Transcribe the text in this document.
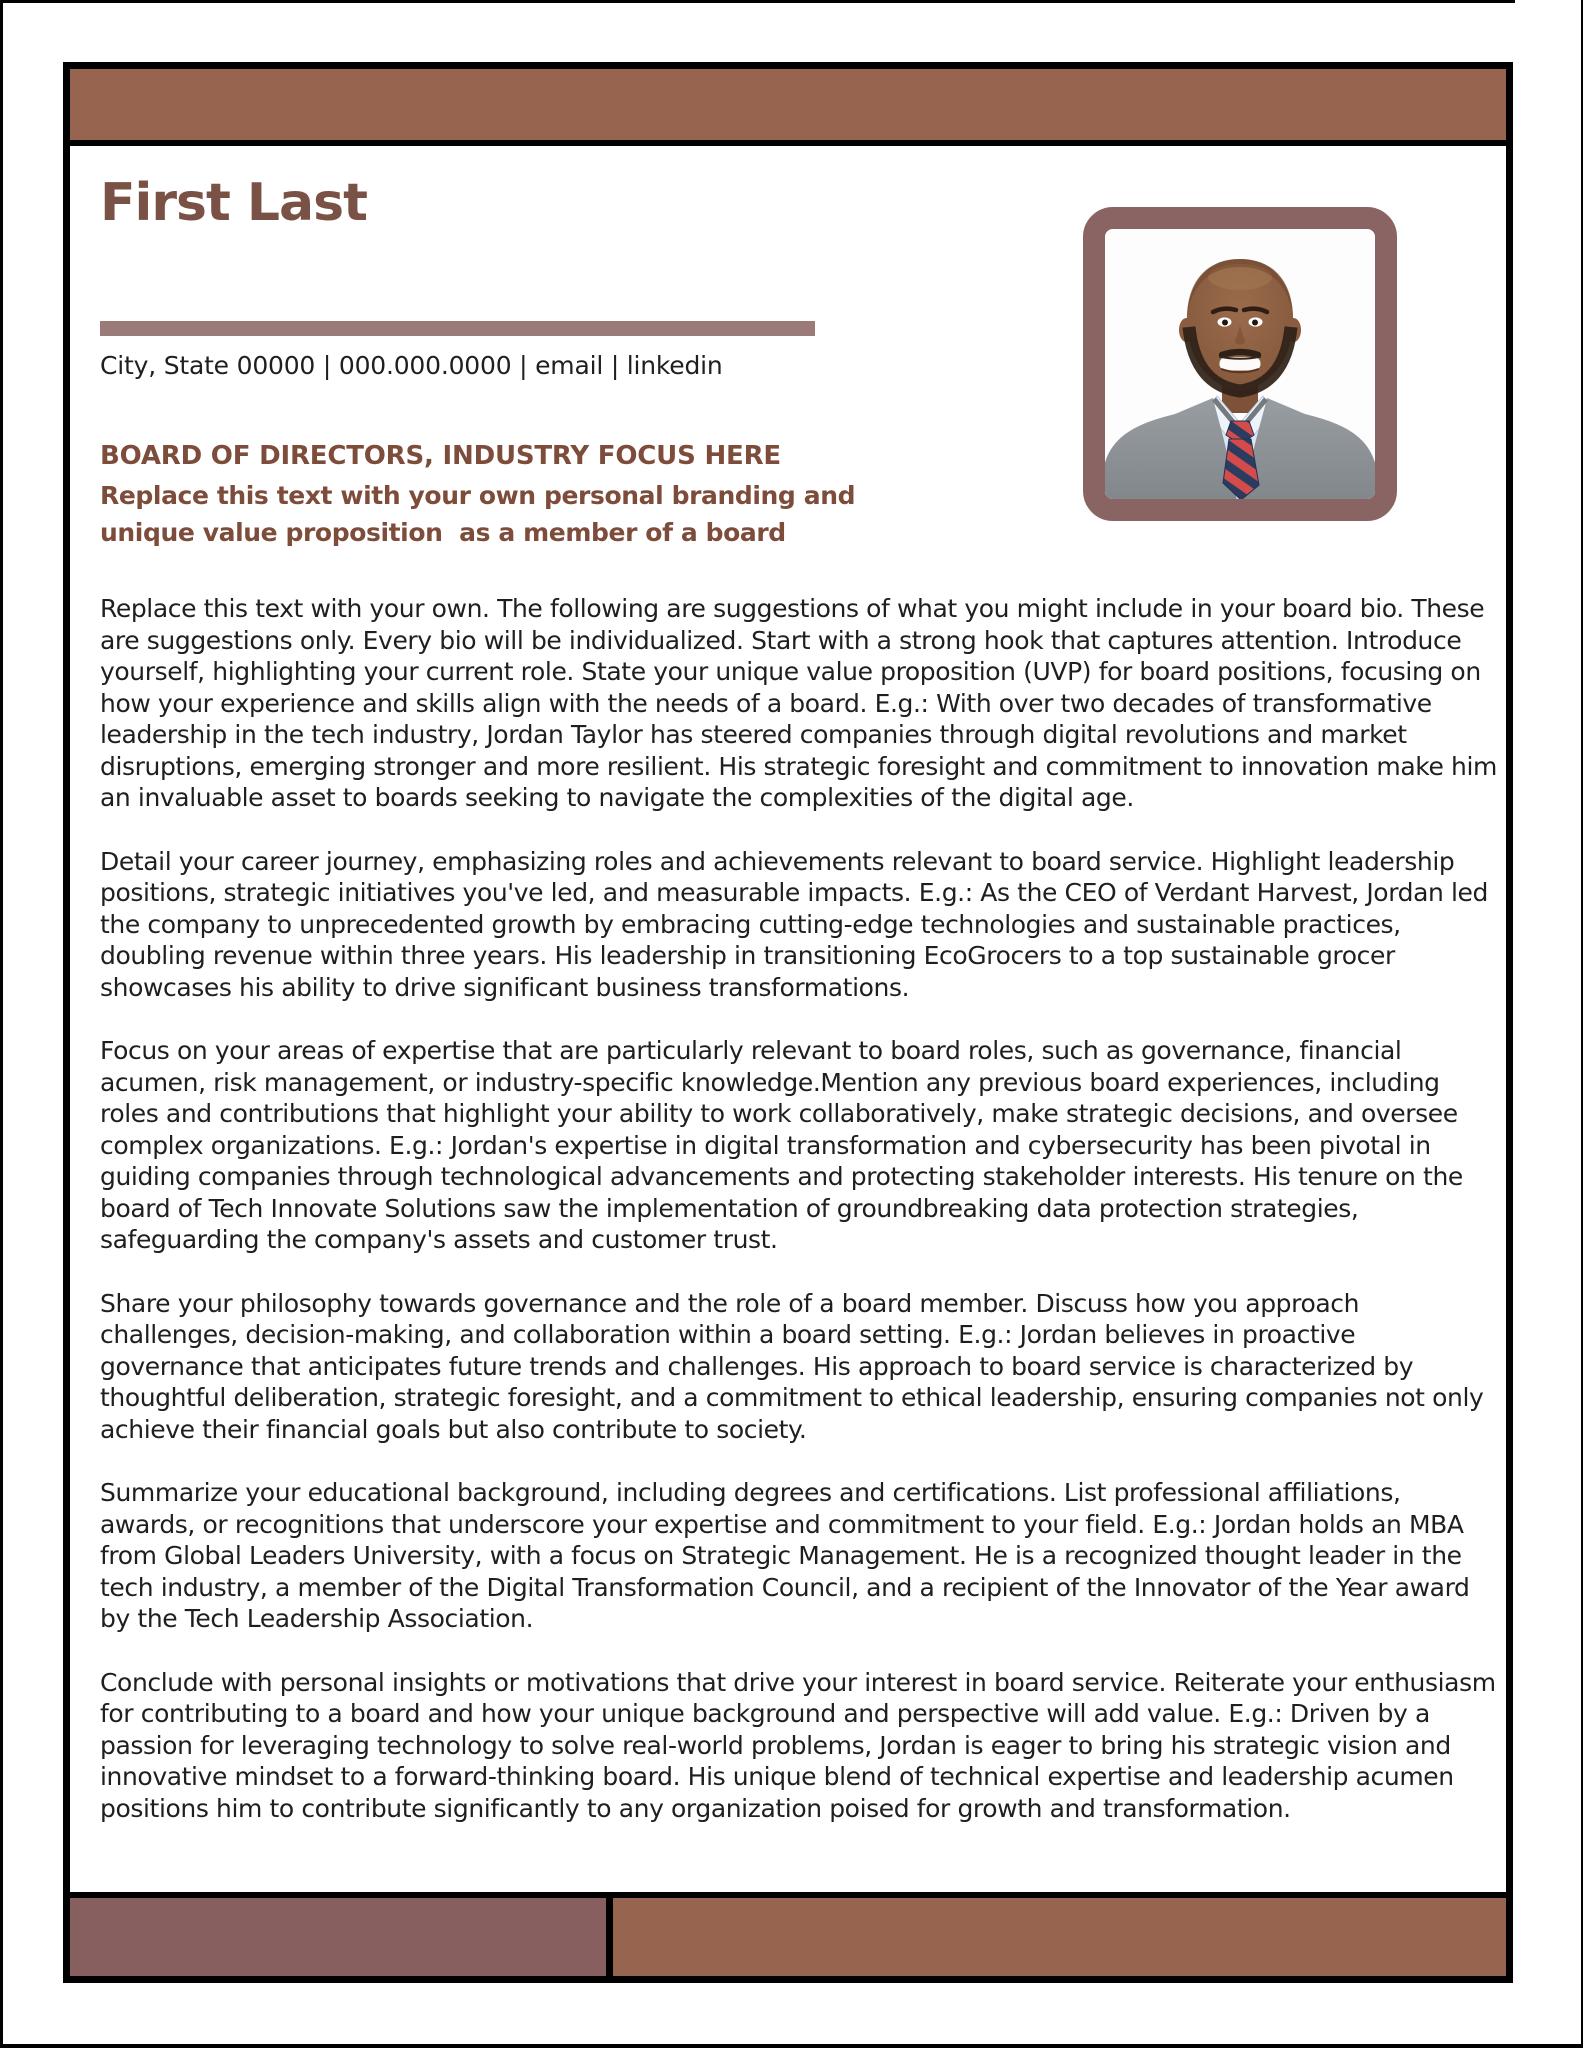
First Last
City, State 00000 | 000.000.0000 | email | linkedin
BOARD OF DIRECTORS, INDUSTRY FOCUS HERE
Replace this text with your own personal branding and unique value proposition  as a member of a board

Replace this text with your own. The following are suggestions of what you might include in your board bio. These are suggestions only. Every bio will be individualized. Start with a strong hook that captures attention. Introduce yourself, highlighting your current role. State your unique value proposition (UVP) for board positions, focusing on how your experience and skills align with the needs of a board. E.g.: With over two decades of transformative leadership in the tech industry, Jordan Taylor has steered companies through digital revolutions and market disruptions, emerging stronger and more resilient. His strategic foresight and commitment to innovation make him an invaluable asset to boards seeking to navigate the complexities of the digital age.

Detail your career journey, emphasizing roles and achievements relevant to board service. Highlight leadership positions, strategic initiatives you've led, and measurable impacts. E.g.: As the CEO of Verdant Harvest, Jordan led the company to unprecedented growth by embracing cutting-edge technologies and sustainable practices, doubling revenue within three years. His leadership in transitioning EcoGrocers to a top sustainable grocer showcases his ability to drive significant business transformations.

Focus on your areas of expertise that are particularly relevant to board roles, such as governance, financial acumen, risk management, or industry-specific knowledge.Mention any previous board experiences, including roles and contributions that highlight your ability to work collaboratively, make strategic decisions, and oversee complex organizations. E.g.: Jordan's expertise in digital transformation and cybersecurity has been pivotal in guiding companies through technological advancements and protecting stakeholder interests. His tenure on the board of Tech Innovate Solutions saw the implementation of groundbreaking data protection strategies, safeguarding the company's assets and customer trust.

Share your philosophy towards governance and the role of a board member. Discuss how you approach challenges, decision-making, and collaboration within a board setting. E.g.: Jordan believes in proactive governance that anticipates future trends and challenges. His approach to board service is characterized by thoughtful deliberation, strategic foresight, and a commitment to ethical leadership, ensuring companies not only achieve their financial goals but also contribute to society.

Summarize your educational background, including degrees and certifications. List professional affiliations, awards, or recognitions that underscore your expertise and commitment to your field. E.g.: Jordan holds an MBA from Global Leaders University, with a focus on Strategic Management. He is a recognized thought leader in the tech industry, a member of the Digital Transformation Council, and a recipient of the Innovator of the Year award by the Tech Leadership Association.

Conclude with personal insights or motivations that drive your interest in board service. Reiterate your enthusiasm for contributing to a board and how your unique background and perspective will add value. E.g.: Driven by a passion for leveraging technology to solve real-world problems, Jordan is eager to bring his strategic vision and innovative mindset to a forward-thinking board. His unique blend of technical expertise and leadership acumen positions him to contribute significantly to any organization poised for growth and transformation.
